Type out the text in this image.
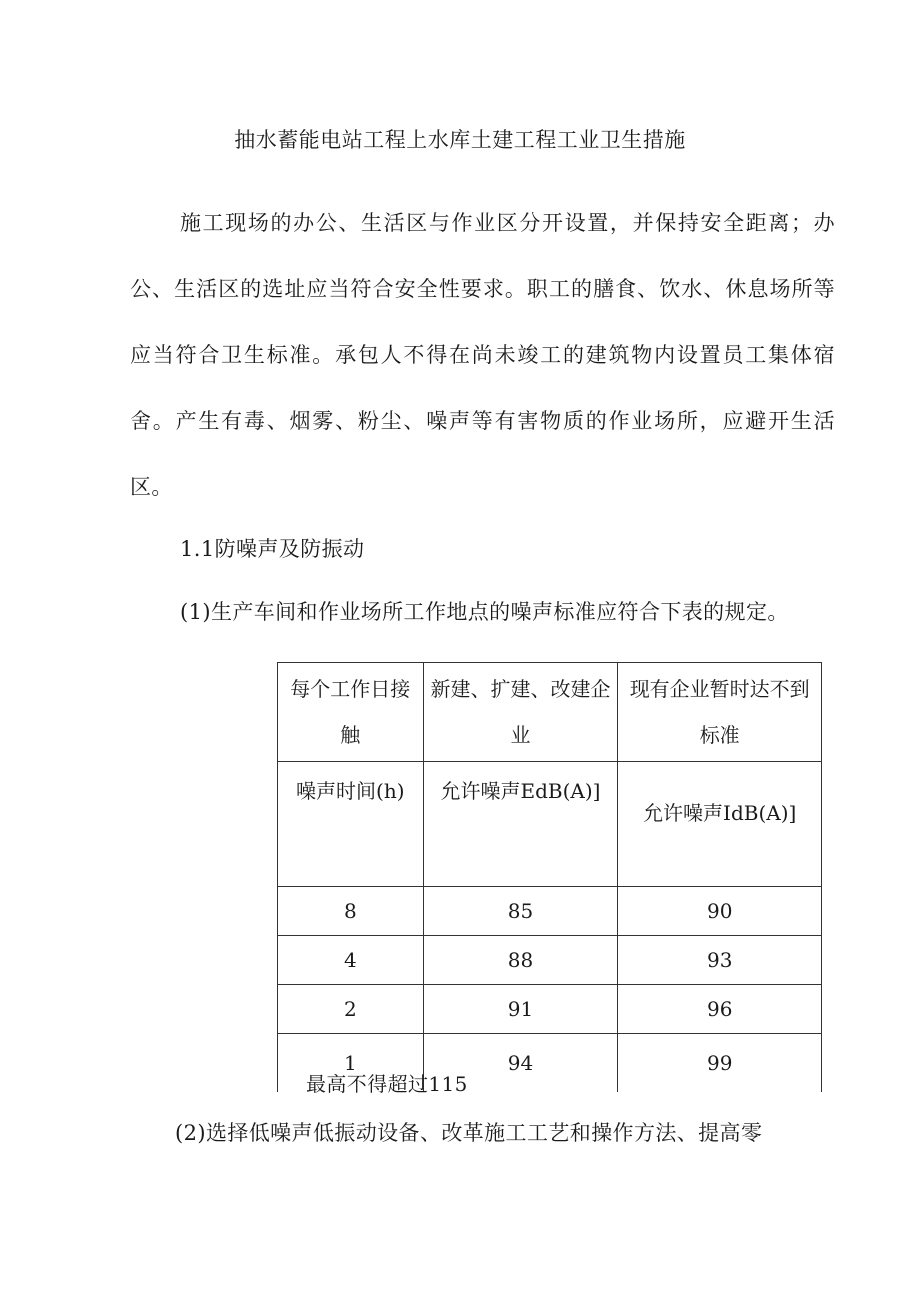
抽水蓄能电站工程上水库土建工程工业卫生措施
施工现场的办公、生活区与作业区分开设置，并保持安全距离；办公、生活区的选址应当符合安全性要求。职工的膳食、饮水、休息场所等应当符合卫生标准。承包人不得在尚未竣工的建筑物内设置员工集体宿舍。产生有毒、烟雾、粉尘、噪声等有害物质的作业场所，应避开生活区。
1.1防噪声及防振动
(1)生产车间和作业场所工作地点的噪声标准应符合下表的规定。
每个工作日接触	新建、扩建、改建企业	现有企业暂时达不到标准
噪声时间(h)	允许噪声EdB(A)]	允许噪声IdB(A)]
8	85	90
4	88	93
2	91	96
1	94	99
最高不得超过115
(2)选择低噪声低振动设备、改革施工工艺和操作方法、提高零
